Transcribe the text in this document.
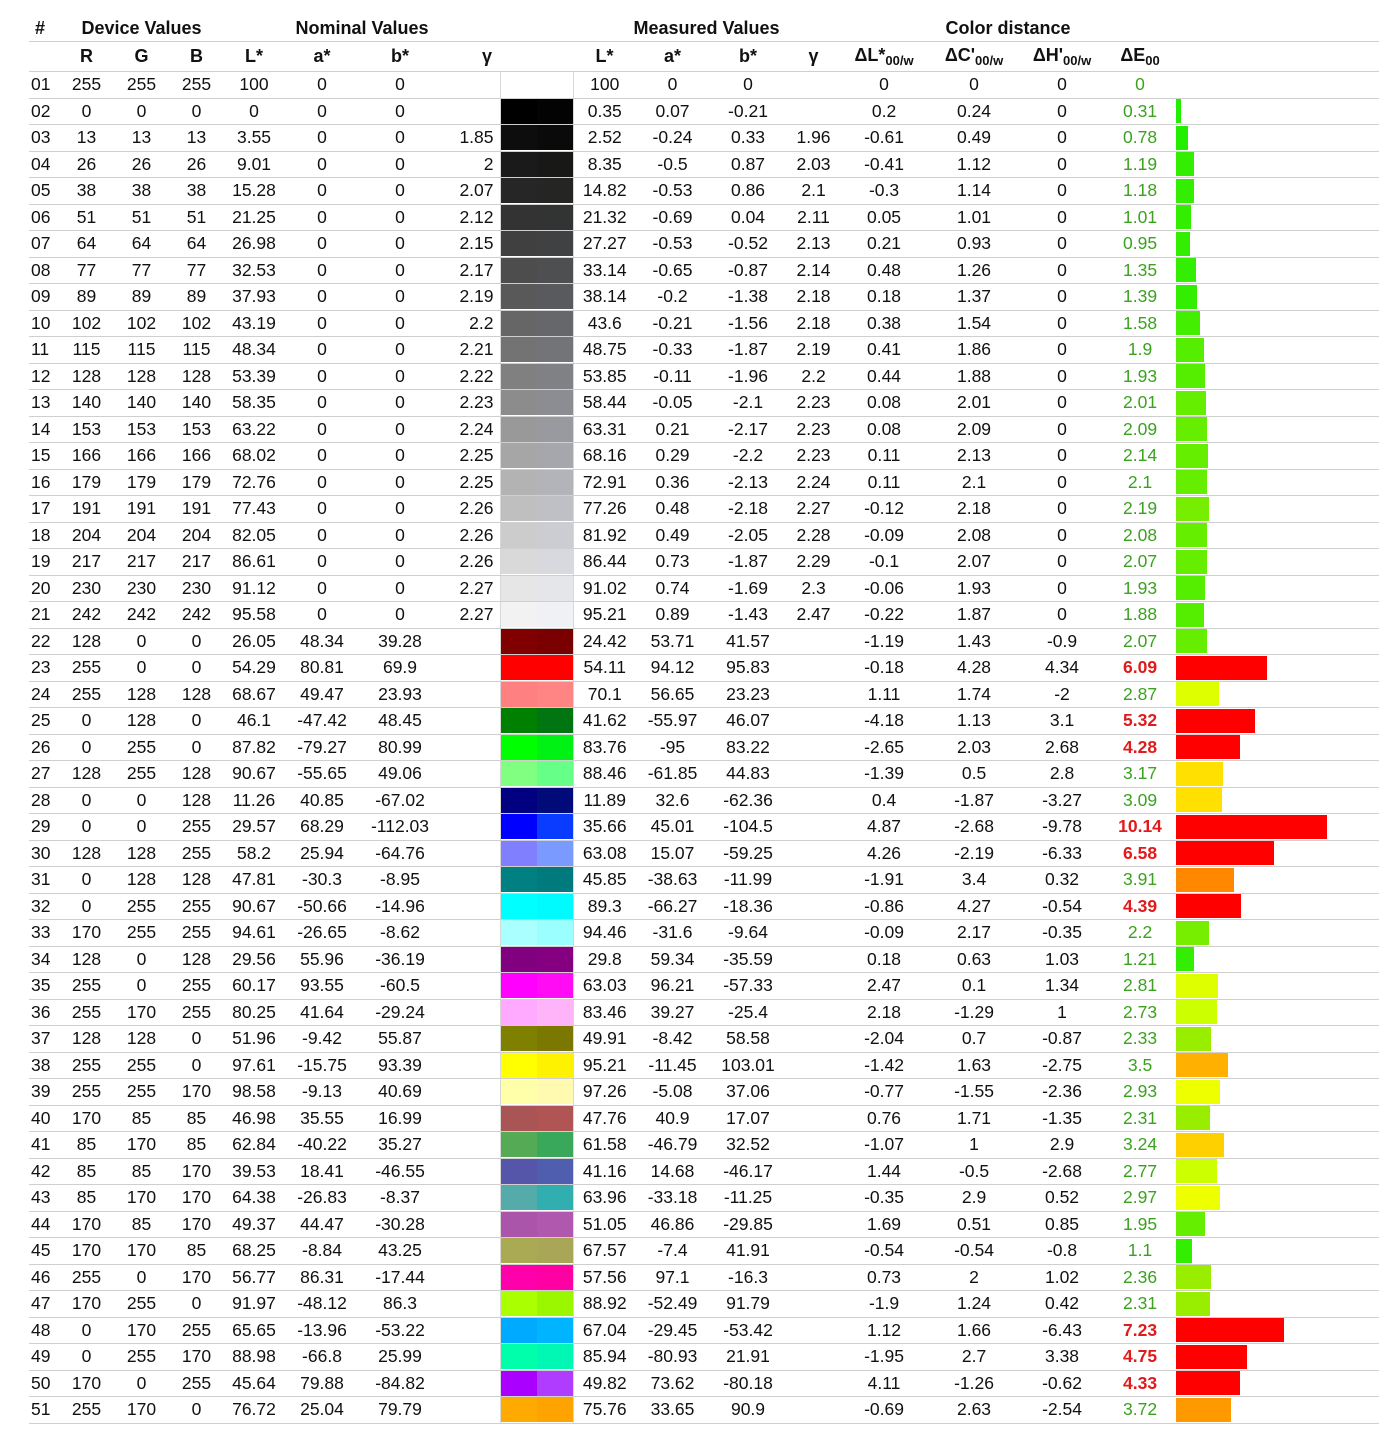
#	Device Values			Nominal Values					Measured Values				Color distance				
	R	G	B	L*	a*	b*	γ		L*	a*	b*	γ	$\Delta L*_{00/w}$	$\Delta C'_{00/w}$	$\Delta H'_{00/w}$	$\Delta E_{00}$	
01	255	255	255	100	0	0			100	0	0		0	0	0	0	

02	0	0	0	0	0	0			0.35	0.07	-0.21		0.2	0.24	0	0.31	

03	13	13	13	3.55	0	0	1.85		2.52	-0.24	0.33	1.96	-0.61	0.49	0	0.78	

04	26	26	26	9.01	0	0	2		8.35	-0.5	0.87	2.03	-0.41	1.12	0	1.19	

05	38	38	38	15.28	0	0	2.07		14.82	-0.53	0.86	2.1	-0.3	1.14	0	1.18	

06	51	51	51	21.25	0	0	2.12		21.32	-0.69	0.04	2.11	0.05	1.01	0	1.01	

07	64	64	64	26.98	0	0	2.15		27.27	-0.53	-0.52	2.13	0.21	0.93	0	0.95	

08	77	77	77	32.53	0	0	2.17		33.14	-0.65	-0.87	2.14	0.48	1.26	0	1.35	

09	89	89	89	37.93	0	0	2.19		38.14	-0.2	-1.38	2.18	0.18	1.37	0	1.39	

10	102	102	102	43.19	0	0	2.2		43.6	-0.21	-1.56	2.18	0.38	1.54	0	1.58	

11	115	115	115	48.34	0	0	2.21		48.75	-0.33	-1.87	2.19	0.41	1.86	0	1.9	

12	128	128	128	53.39	0	0	2.22		53.85	-0.11	-1.96	2.2	0.44	1.88	0	1.93	

13	140	140	140	58.35	0	0	2.23		58.44	-0.05	-2.1	2.23	0.08	2.01	0	2.01	

14	153	153	153	63.22	0	0	2.24		63.31	0.21	-2.17	2.23	0.08	2.09	0	2.09	

15	166	166	166	68.02	0	0	2.25		68.16	0.29	-2.2	2.23	0.11	2.13	0	2.14	

16	179	179	179	72.76	0	0	2.25		72.91	0.36	-2.13	2.24	0.11	2.1	0	2.1	

17	191	191	191	77.43	0	0	2.26		77.26	0.48	-2.18	2.27	-0.12	2.18	0	2.19	

18	204	204	204	82.05	0	0	2.26		81.92	0.49	-2.05	2.28	-0.09	2.08	0	2.08	

19	217	217	217	86.61	0	0	2.26		86.44	0.73	-1.87	2.29	-0.1	2.07	0	2.07	

20	230	230	230	91.12	0	0	2.27		91.02	0.74	-1.69	2.3	-0.06	1.93	0	1.93	

21	242	242	242	95.58	0	0	2.27		95.21	0.89	-1.43	2.47	-0.22	1.87	0	1.88	

22	128	0	0	26.05	48.34	39.28			24.42	53.71	41.57		-1.19	1.43	-0.9	2.07	

23	255	0	0	54.29	80.81	69.9			54.11	94.12	95.83		-0.18	4.28	4.34	6.09	

24	255	128	128	68.67	49.47	23.93			70.1	56.65	23.23		1.11	1.74	-2	2.87	

25	0	128	0	46.1	-47.42	48.45			41.62	-55.97	46.07		-4.18	1.13	3.1	5.32	

26	0	255	0	87.82	-79.27	80.99			83.76	-95	83.22		-2.65	2.03	2.68	4.28	

27	128	255	128	90.67	-55.65	49.06			88.46	-61.85	44.83		-1.39	0.5	2.8	3.17	

28	0	0	128	11.26	40.85	-67.02			11.89	32.6	-62.36		0.4	-1.87	-3.27	3.09	

29	0	0	255	29.57	68.29	-112.03			35.66	45.01	-104.5		4.87	-2.68	-9.78	10.14	

30	128	128	255	58.2	25.94	-64.76			63.08	15.07	-59.25		4.26	-2.19	-6.33	6.58	

31	0	128	128	47.81	-30.3	-8.95			45.85	-38.63	-11.99		-1.91	3.4	0.32	3.91	

32	0	255	255	90.67	-50.66	-14.96			89.3	-66.27	-18.36		-0.86	4.27	-0.54	4.39	

33	170	255	255	94.61	-26.65	-8.62			94.46	-31.6	-9.64		-0.09	2.17	-0.35	2.2	

34	128	0	128	29.56	55.96	-36.19			29.8	59.34	-35.59		0.18	0.63	1.03	1.21	

35	255	0	255	60.17	93.55	-60.5			63.03	96.21	-57.33		2.47	0.1	1.34	2.81	

36	255	170	255	80.25	41.64	-29.24			83.46	39.27	-25.4		2.18	-1.29	1	2.73	

37	128	128	0	51.96	-9.42	55.87			49.91	-8.42	58.58		-2.04	0.7	-0.87	2.33	

38	255	255	0	97.61	-15.75	93.39			95.21	-11.45	103.01		-1.42	1.63	-2.75	3.5	

39	255	255	170	98.58	-9.13	40.69			97.26	-5.08	37.06		-0.77	-1.55	-2.36	2.93	

40	170	85	85	46.98	35.55	16.99			47.76	40.9	17.07		0.76	1.71	-1.35	2.31	

41	85	170	85	62.84	-40.22	35.27			61.58	-46.79	32.52		-1.07	1	2.9	3.24	

42	85	85	170	39.53	18.41	-46.55			41.16	14.68	-46.17		1.44	-0.5	-2.68	2.77	

43	85	170	170	64.38	-26.83	-8.37			63.96	-33.18	-11.25		-0.35	2.9	0.52	2.97	

44	170	85	170	49.37	44.47	-30.28			51.05	46.86	-29.85		1.69	0.51	0.85	1.95	

45	170	170	85	68.25	-8.84	43.25			67.57	-7.4	41.91		-0.54	-0.54	-0.8	1.1	

46	255	0	170	56.77	86.31	-17.44			57.56	97.1	-16.3		0.73	2	1.02	2.36	

47	170	255	0	91.97	-48.12	86.3			88.92	-52.49	91.79		-1.9	1.24	0.42	2.31	

48	0	170	255	65.65	-13.96	-53.22			67.04	-29.45	-53.42		1.12	1.66	-6.43	7.23	

49	0	255	170	88.98	-66.8	25.99			85.94	-80.93	21.91		-1.95	2.7	3.38	4.75	

50	170	0	255	45.64	79.88	-84.82			49.82	73.62	-80.18		4.11	-1.26	-0.62	4.33	

51	255	170	0	76.72	25.04	79.79			75.76	33.65	90.9		-0.69	2.63	-2.54	3.72	
